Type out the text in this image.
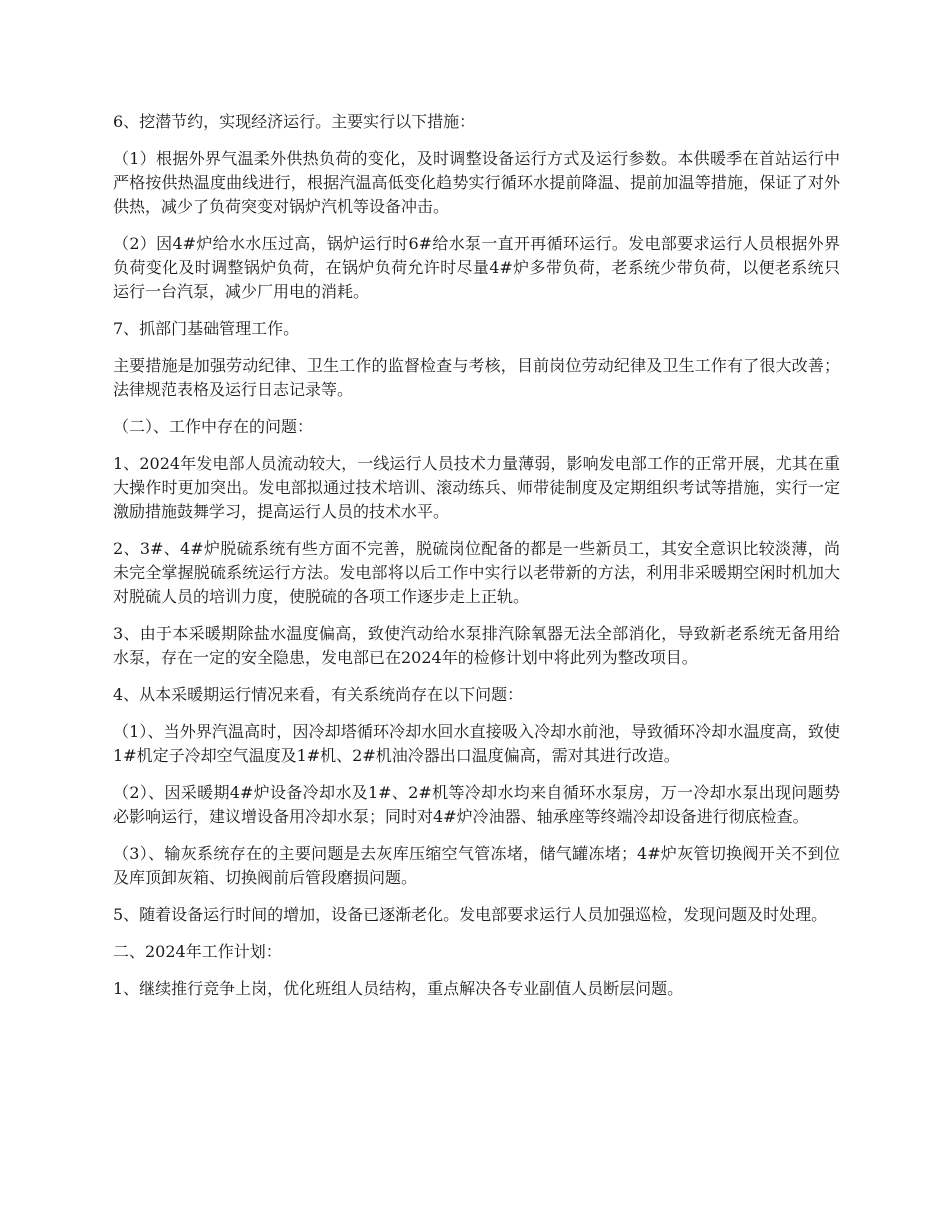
6、挖潜节约，实现经济运行。主要实行以下措施：

（1）根据外界气温柔外供热负荷的变化，及时调整设备运行方式及运行参数。本供暖季在首站运行中严格按供热温度曲线进行，根据汽温高低变化趋势实行循环水提前降温、提前加温等措施，保证了对外供热，减少了负荷突变对锅炉汽机等设备冲击。

（2）因4#炉给水水压过高，锅炉运行时6#给水泵一直开再循环运行。发电部要求运行人员根据外界负荷变化及时调整锅炉负荷，在锅炉负荷允许时尽量4#炉多带负荷，老系统少带负荷，以便老系统只运行一台汽泵，减少厂用电的消耗。

7、抓部门基础管理工作。

主要措施是加强劳动纪律、卫生工作的监督检查与考核，目前岗位劳动纪律及卫生工作有了很大改善；法律规范表格及运行日志记录等。

（二）、工作中存在的问题：

1、2024年发电部人员流动较大，一线运行人员技术力量薄弱，影响发电部工作的正常开展，尤其在重大操作时更加突出。发电部拟通过技术培训、滚动练兵、师带徒制度及定期组织考试等措施，实行一定激励措施鼓舞学习，提高运行人员的技术水平。

2、3#、4#炉脱硫系统有些方面不完善，脱硫岗位配备的都是一些新员工，其安全意识比较淡薄，尚未完全掌握脱硫系统运行方法。发电部将以后工作中实行以老带新的方法，利用非采暖期空闲时机加大对脱硫人员的培训力度，使脱硫的各项工作逐步走上正轨。

3、由于本采暖期除盐水温度偏高，致使汽动给水泵排汽除氧器无法全部消化，导致新老系统无备用给水泵，存在一定的安全隐患，发电部已在2024年的检修计划中将此列为整改项目。

4、从本采暖期运行情况来看，有关系统尚存在以下问题：

（1）、当外界汽温高时，因冷却塔循环冷却水回水直接吸入冷却水前池，导致循环冷却水温度高，致使1#机定子冷却空气温度及1#机、2#机油冷器出口温度偏高，需对其进行改造。

（2）、因采暖期4#炉设备冷却水及1#、2#机等冷却水均来自循环水泵房，万一冷却水泵出现问题势必影响运行，建议增设备用冷却水泵；同时对4#炉冷油器、轴承座等终端冷却设备进行彻底检查。

（3）、输灰系统存在的主要问题是去灰库压缩空气管冻堵，储气罐冻堵；4#炉灰管切换阀开关不到位及库顶卸灰箱、切换阀前后管段磨损问题。

5、随着设备运行时间的增加，设备已逐渐老化。发电部要求运行人员加强巡检，发现问题及时处理。

二、2024年工作计划：

1、继续推行竞争上岗，优化班组人员结构，重点解决各专业副值人员断层问题。
